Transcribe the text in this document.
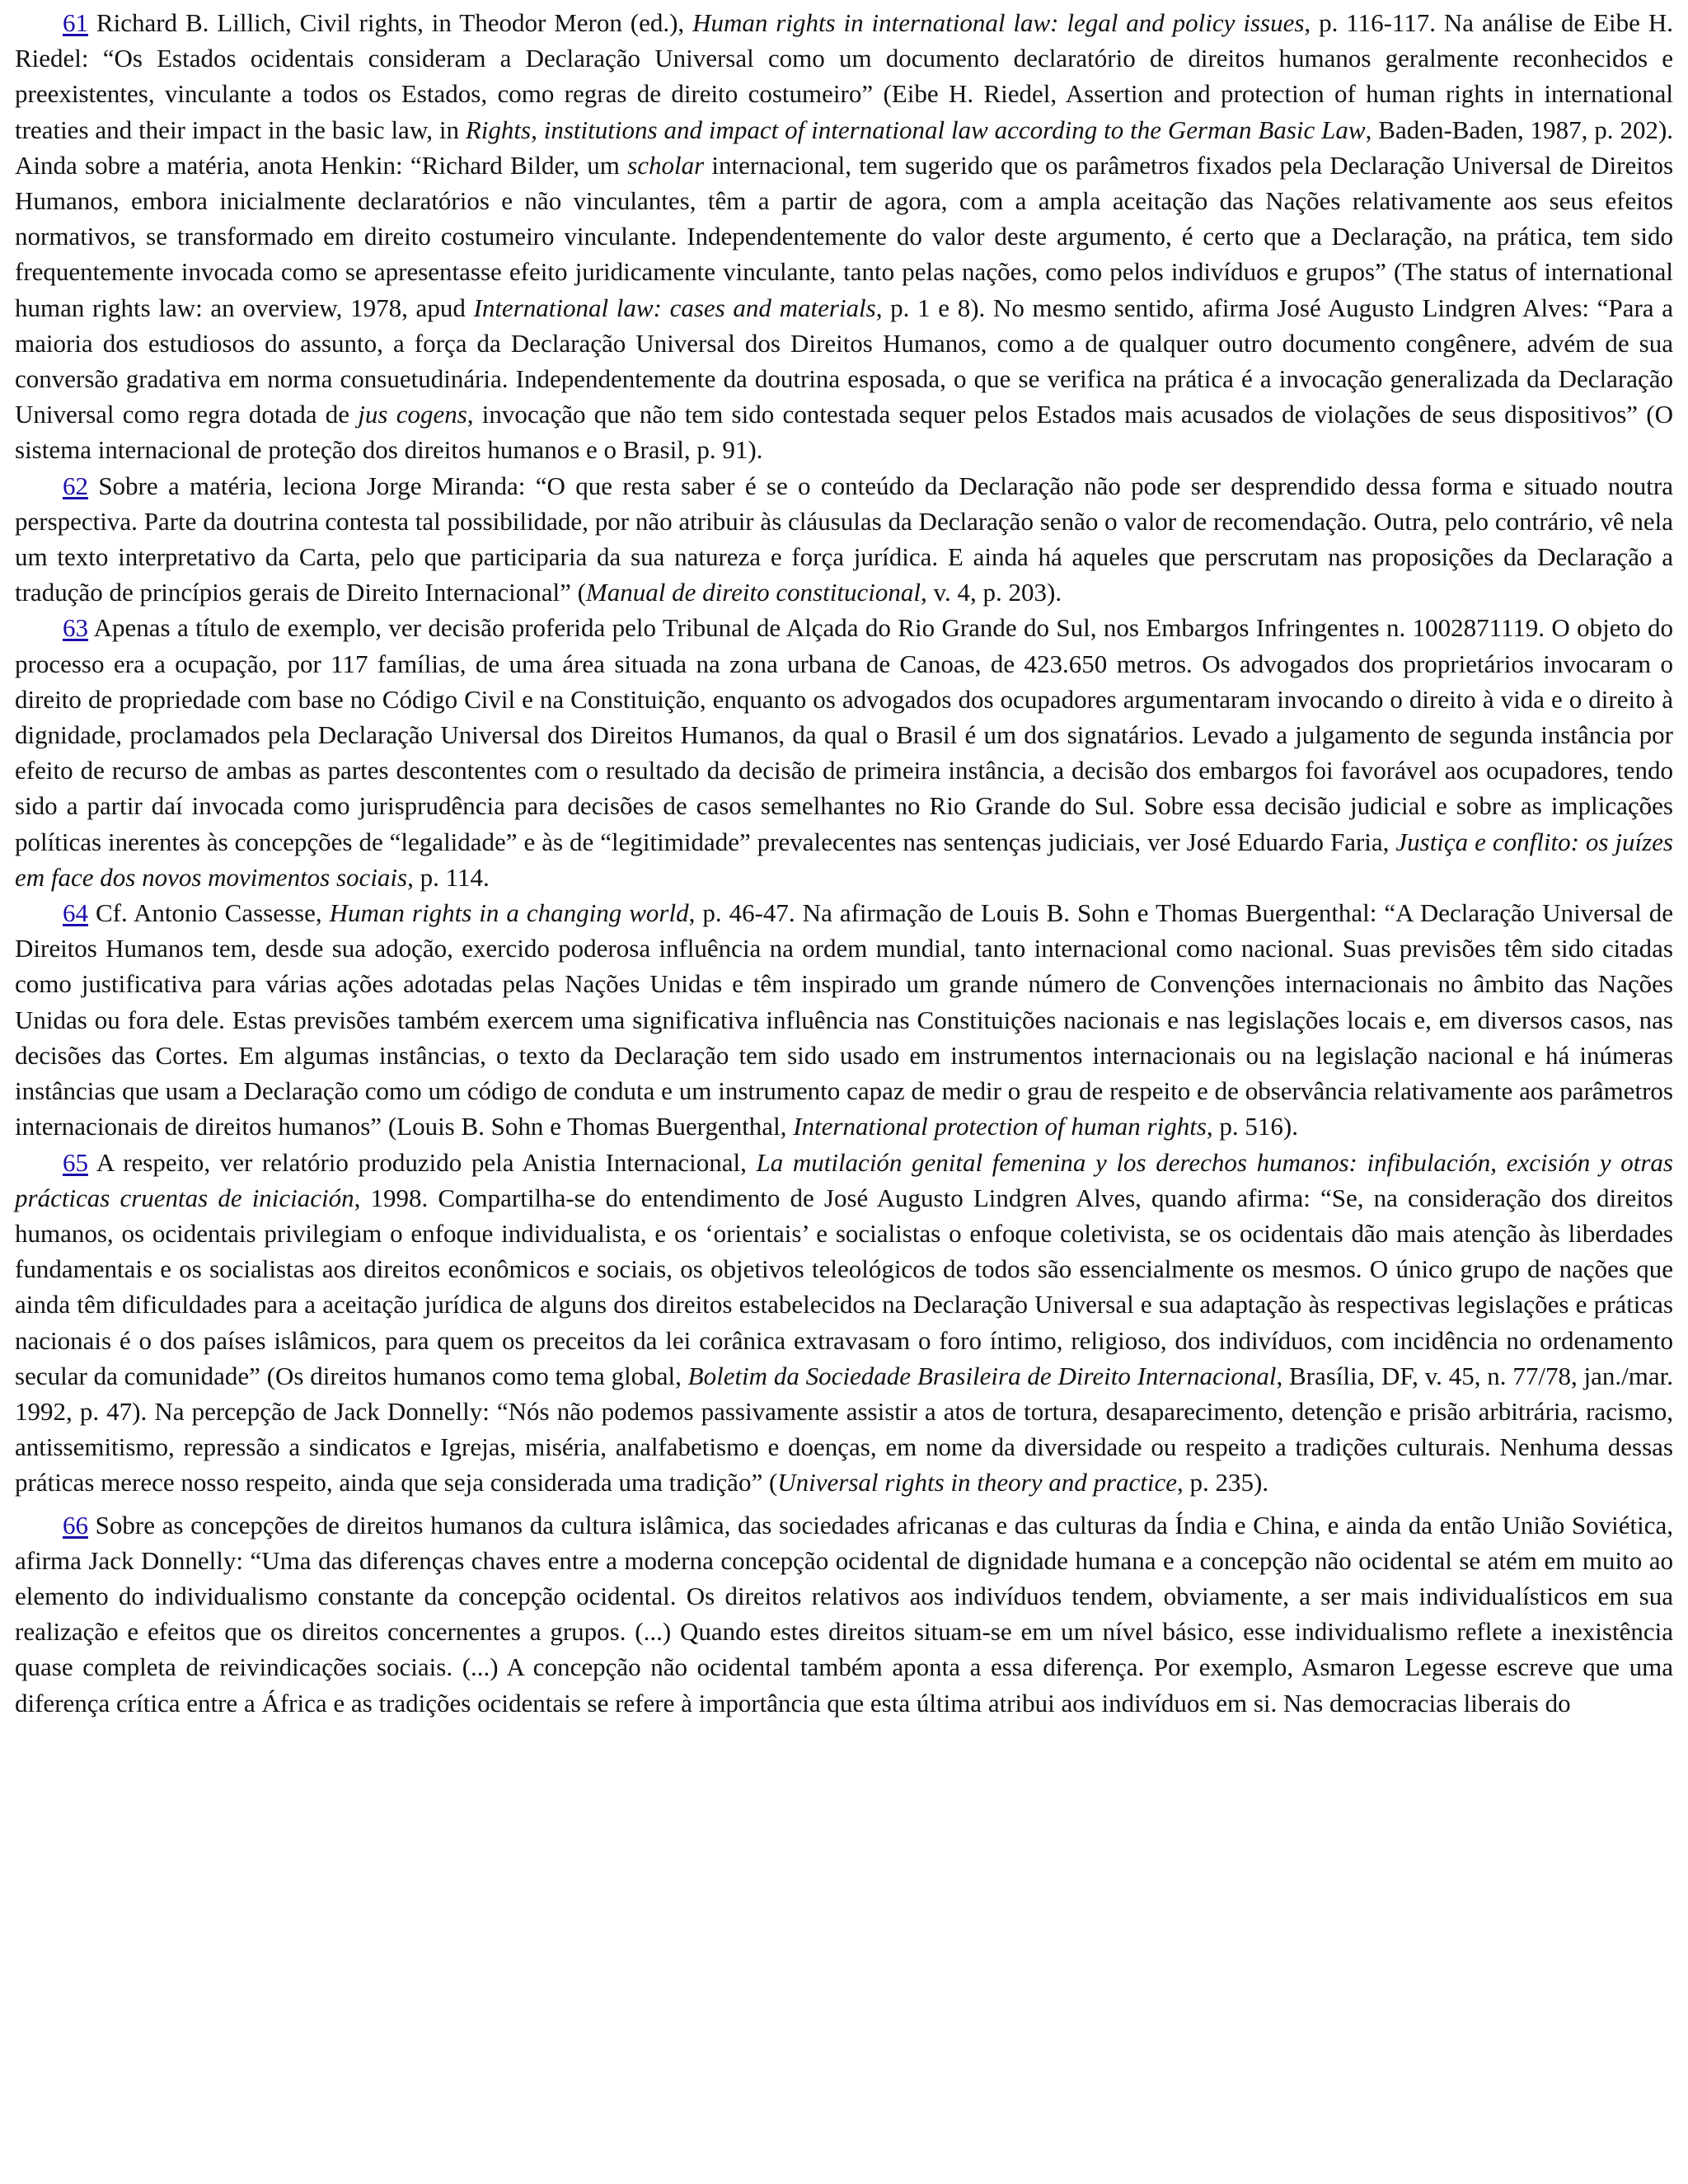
61 Richard B. Lillich, Civil rights, in Theodor Meron (ed.), Human rights in international law: legal and policy issues, p. 116-117. Na análise de Eibe H. Riedel: “Os Estados ocidentais consideram a Declaração Universal como um documento declaratório de direitos humanos geralmente reconhecidos e preexistentes, vinculante a todos os Estados, como regras de direito costumeiro” (Eibe H. Riedel, Assertion and protection of human rights in international treaties and their impact in the basic law, in Rights, institutions and impact of international law according to the German Basic Law, Baden-Baden, 1987, p. 202). Ainda sobre a matéria, anota Henkin: “Richard Bilder, um scholar internacional, tem sugerido que os parâmetros fixados pela Declaração Universal de Direitos Humanos, embora inicialmente declaratórios e não vinculantes, têm a partir de agora, com a ampla aceitação das Nações relativamente aos seus efeitos normativos, se transformado em direito costumeiro vinculante. Independentemente do valor deste argumento, é certo que a Declaração, na prática, tem sido frequentemente invocada como se apresentasse efeito juridicamente vinculante, tanto pelas nações, como pelos indivíduos e grupos” (The status of international human rights law: an overview, 1978, apud International law: cases and materials, p. 1 e 8). No mesmo sentido, afirma José Augusto Lindgren Alves: “Para a maioria dos estudiosos do assunto, a força da Declaração Universal dos Direitos Humanos, como a de qualquer outro documento congênere, advém de sua conversão gradativa em norma consuetudinária. Independentemente da doutrina esposada, o que se verifica na prática é a invocação generalizada da Declaração Universal como regra dotada de jus cogens, invocação que não tem sido contestada sequer pelos Estados mais acusados de violações de seus dispositivos” (O sistema internacional de proteção dos direitos humanos e o Brasil, p. 91).

62 Sobre a matéria, leciona Jorge Miranda: “O que resta saber é se o conteúdo da Declaração não pode ser desprendido dessa forma e situado noutra perspectiva. Parte da doutrina contesta tal possibilidade, por não atribuir às cláusulas da Declaração senão o valor de recomendação. Outra, pelo contrário, vê nela um texto interpretativo da Carta, pelo que participaria da sua natureza e força jurídica. E ainda há aqueles que perscrutam nas proposições da Declaração a tradução de princípios gerais de Direito Internacional” (Manual de direito constitucional, v. 4, p. 203).

63 Apenas a título de exemplo, ver decisão proferida pelo Tribunal de Alçada do Rio Grande do Sul, nos Embargos Infringentes n. 1002871119. O objeto do processo era a ocupação, por 117 famílias, de uma área situada na zona urbana de Canoas, de 423.650 metros. Os advogados dos proprietários invocaram o direito de propriedade com base no Código Civil e na Constituição, enquanto os advogados dos ocupadores argumentaram invocando o direito à vida e o direito à dignidade, proclamados pela Declaração Universal dos Direitos Humanos, da qual o Brasil é um dos signatários. Levado a julgamento de segunda instância por efeito de recurso de ambas as partes descontentes com o resultado da decisão de primeira instância, a decisão dos embargos foi favorável aos ocupadores, tendo sido a partir daí invocada como jurisprudência para decisões de casos semelhantes no Rio Grande do Sul. Sobre essa decisão judicial e sobre as implicações políticas inerentes às concepções de “legalidade” e às de “legitimidade” prevalecentes nas sentenças judiciais, ver José Eduardo Faria, Justiça e conflito: os juízes em face dos novos movimentos sociais, p. 114.

64 Cf. Antonio Cassesse, Human rights in a changing world, p. 46-47. Na afirmação de Louis B. Sohn e Thomas Buergenthal: “A Declaração Universal de Direitos Humanos tem, desde sua adoção, exercido poderosa influência na ordem mundial, tanto internacional como nacional. Suas previsões têm sido citadas como justificativa para várias ações adotadas pelas Nações Unidas e têm inspirado um grande número de Convenções internacionais no âmbito das Nações Unidas ou fora dele. Estas previsões também exercem uma significativa influência nas Constituições nacionais e nas legislações locais e, em diversos casos, nas decisões das Cortes. Em algumas instâncias, o texto da Declaração tem sido usado em instrumentos internacionais ou na legislação nacional e há inúmeras instâncias que usam a Declaração como um código de conduta e um instrumento capaz de medir o grau de respeito e de observância relativamente aos parâmetros internacionais de direitos humanos” (Louis B. Sohn e Thomas Buergenthal, International protection of human rights, p. 516).

65 A respeito, ver relatório produzido pela Anistia Internacional, La mutilación genital femenina y los derechos humanos: infibulación, excisión y otras prácticas cruentas de iniciación, 1998. Compartilha-se do entendimento de José Augusto Lindgren Alves, quando afirma: “Se, na consideração dos direitos humanos, os ocidentais privilegiam o enfoque individualista, e os ‘orientais’ e socialistas o enfoque coletivista, se os ocidentais dão mais atenção às liberdades fundamentais e os socialistas aos direitos econômicos e sociais, os objetivos teleológicos de todos são essencialmente os mesmos. O único grupo de nações que ainda têm dificuldades para a aceitação jurídica de alguns dos direitos estabelecidos na Declaração Universal e sua adaptação às respectivas legislações e práticas nacionais é o dos países islâmicos, para quem os preceitos da lei corânica extravasam o foro íntimo, religioso, dos indivíduos, com incidência no ordenamento secular da comunidade” (Os direitos humanos como tema global, Boletim da Sociedade Brasileira de Direito Internacional, Brasília, DF, v. 45, n. 77/78, jan./mar. 1992, p. 47). Na percepção de Jack Donnelly: “Nós não podemos passivamente assistir a atos de tortura, desaparecimento, detenção e prisão arbitrária, racismo, antissemitismo, repressão a sindicatos e Igrejas, miséria, analfabetismo e doenças, em nome da diversidade ou respeito a tradições culturais. Nenhuma dessas práticas merece nosso respeito, ainda que seja considerada uma tradição” (Universal rights in theory and practice, p. 235).

66 Sobre as concepções de direitos humanos da cultura islâmica, das sociedades africanas e das culturas da Índia e China, e ainda da então União Soviética, afirma Jack Donnelly: “Uma das diferenças chaves entre a moderna concepção ocidental de dignidade humana e a concepção não ocidental se atém em muito ao elemento do individualismo constante da concepção ocidental. Os direitos relativos aos indivíduos tendem, obviamente, a ser mais individualísticos em sua realização e efeitos que os direitos concernentes a grupos. (...) Quando estes direitos situam-se em um nível básico, esse individualismo reflete a inexistência quase completa de reivindicações sociais. (...) A concepção não ocidental também aponta a essa diferença. Por exemplo, Asmaron Legesse escreve que uma diferença crítica entre a África e as tradições ocidentais se refere à importância que esta última atribui aos indivíduos em si. Nas democracias liberais do
